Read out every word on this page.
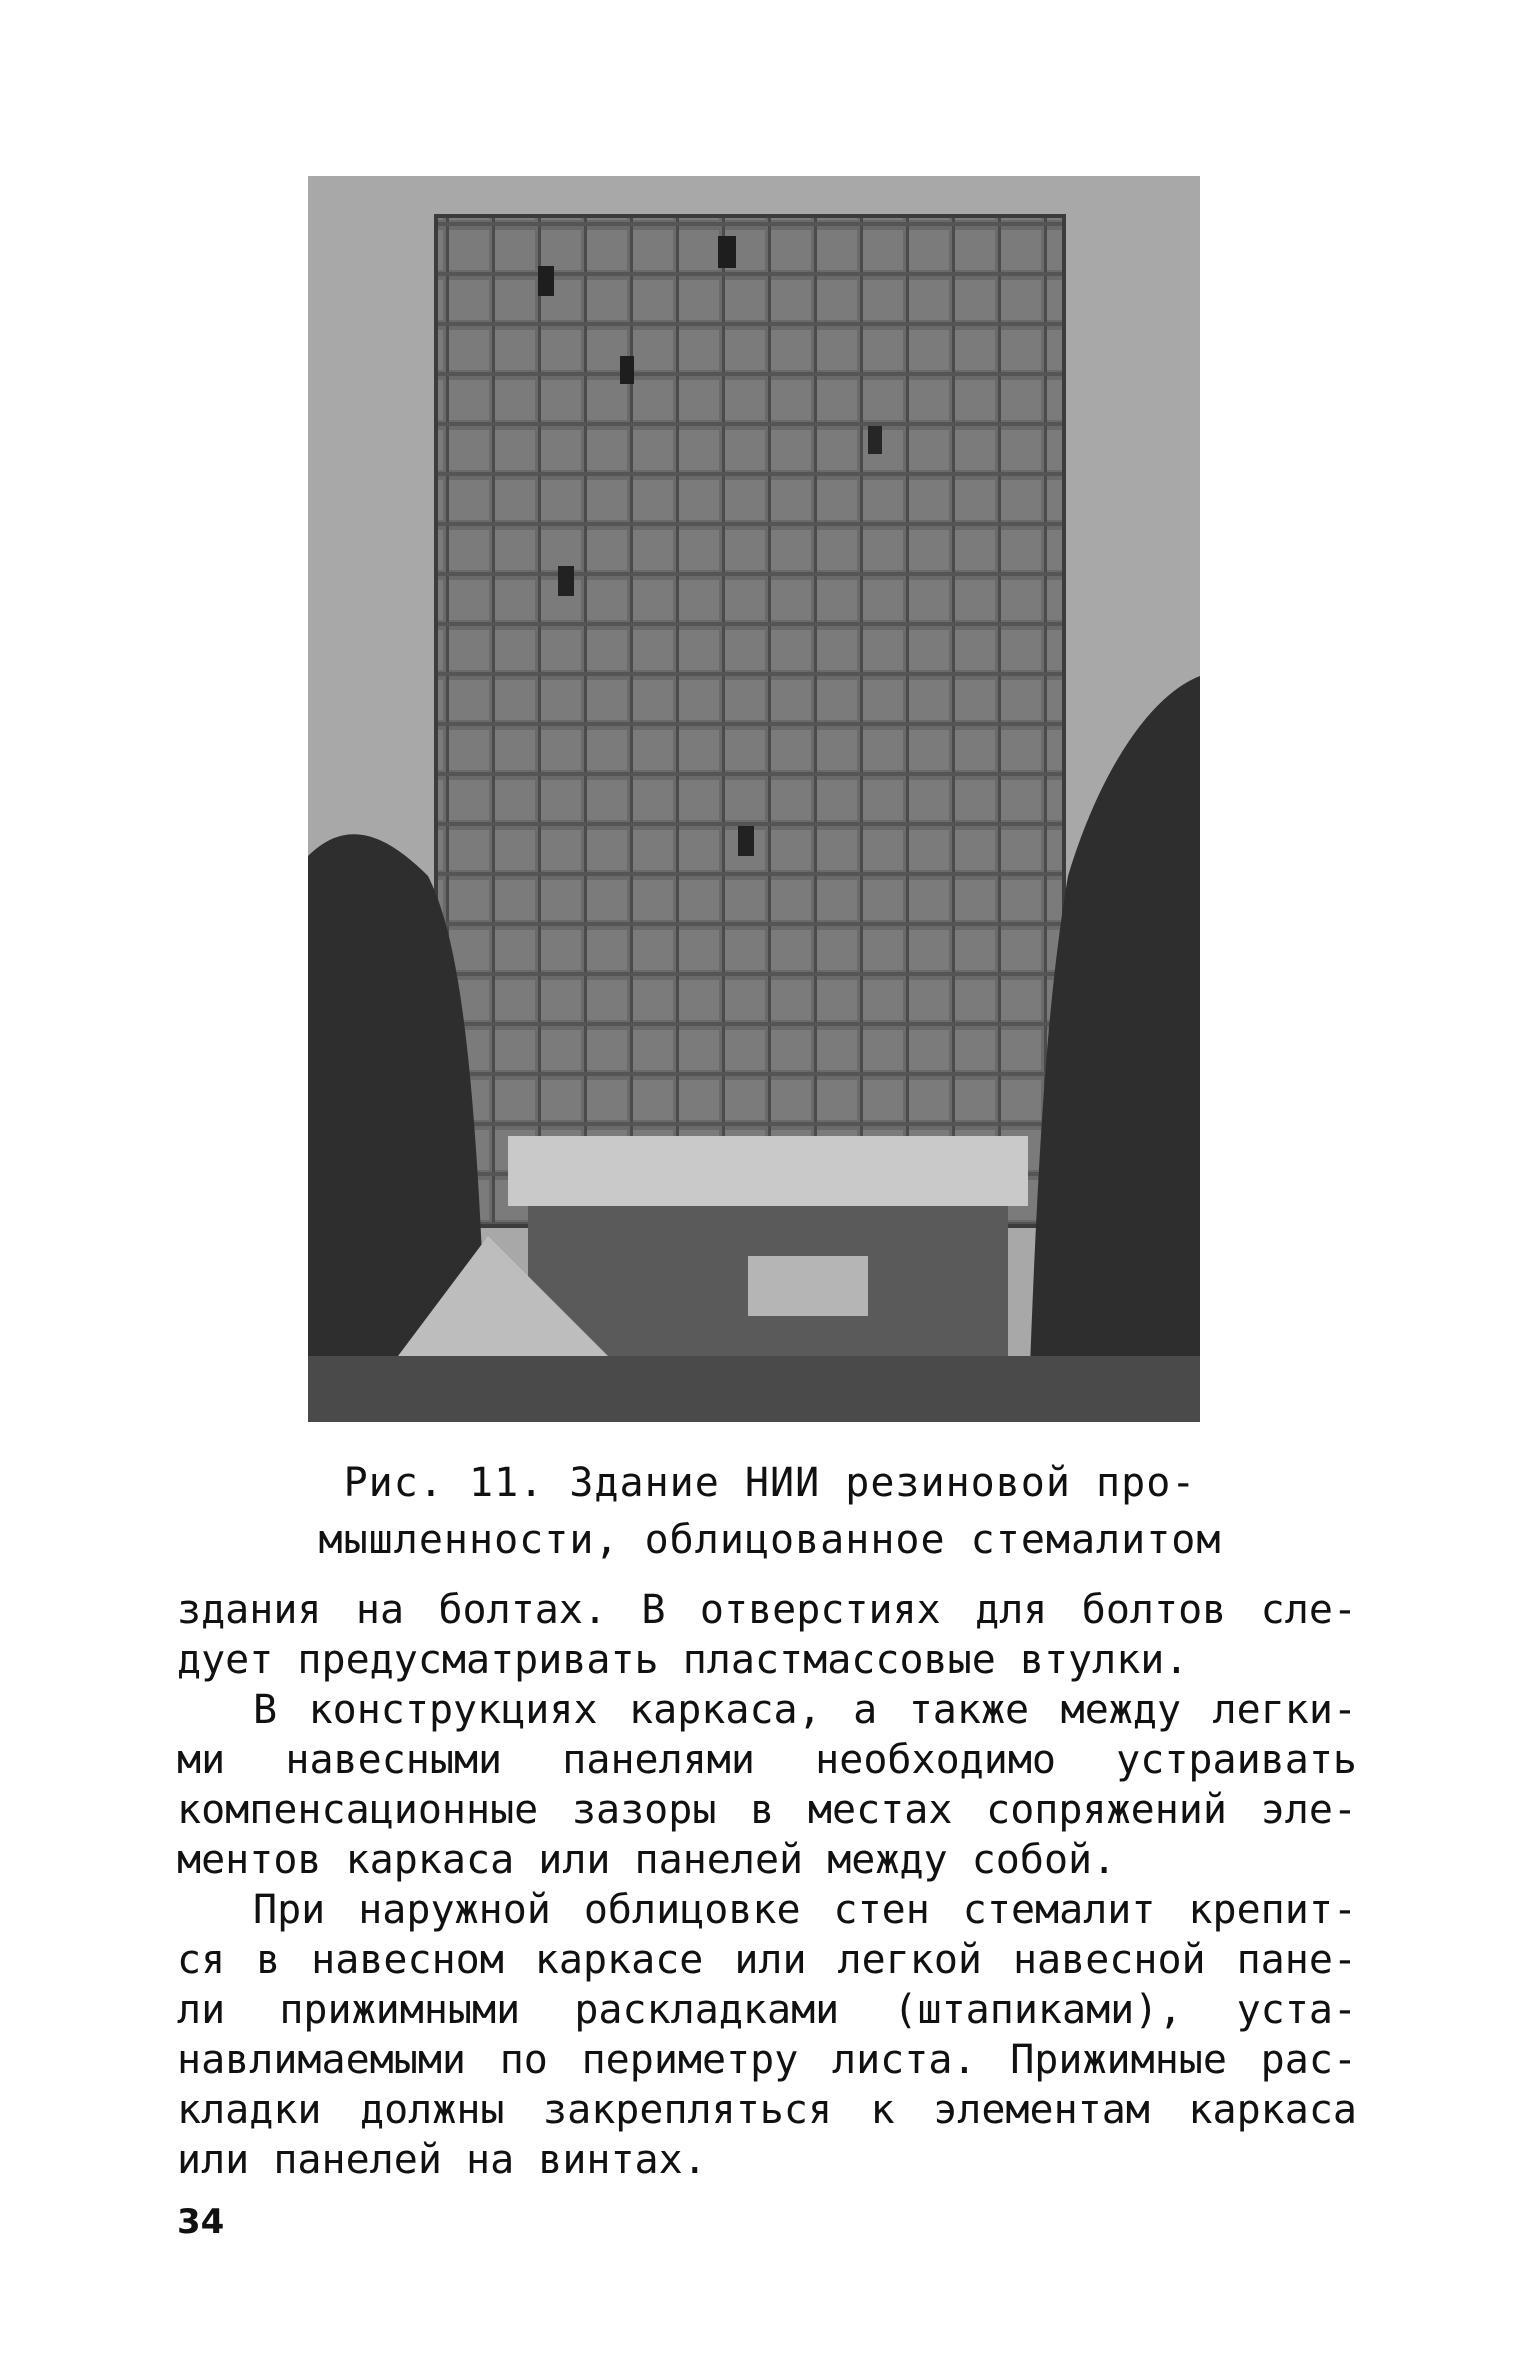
Рис. 11. Здание НИИ резиновой про-
мышленности, облицованное стемалитом
здания на болтах. В отверстиях для болтов сле-
дует предусматривать пластмассовые втулки.
В конструкциях каркаса, а также между легки-
ми навесными панелями необходимо устраивать
компенсационные зазоры в местах сопряжений эле-
ментов каркаса или панелей между собой.
При наружной облицовке стен стемалит крепит-
ся в навесном каркасе или легкой навесной пане-
ли прижимными раскладками (штапиками), уста-
навлимаемыми по периметру листа. Прижимные рас-
кладки должны закрепляться к элементам каркаса
или панелей на винтах.
34
